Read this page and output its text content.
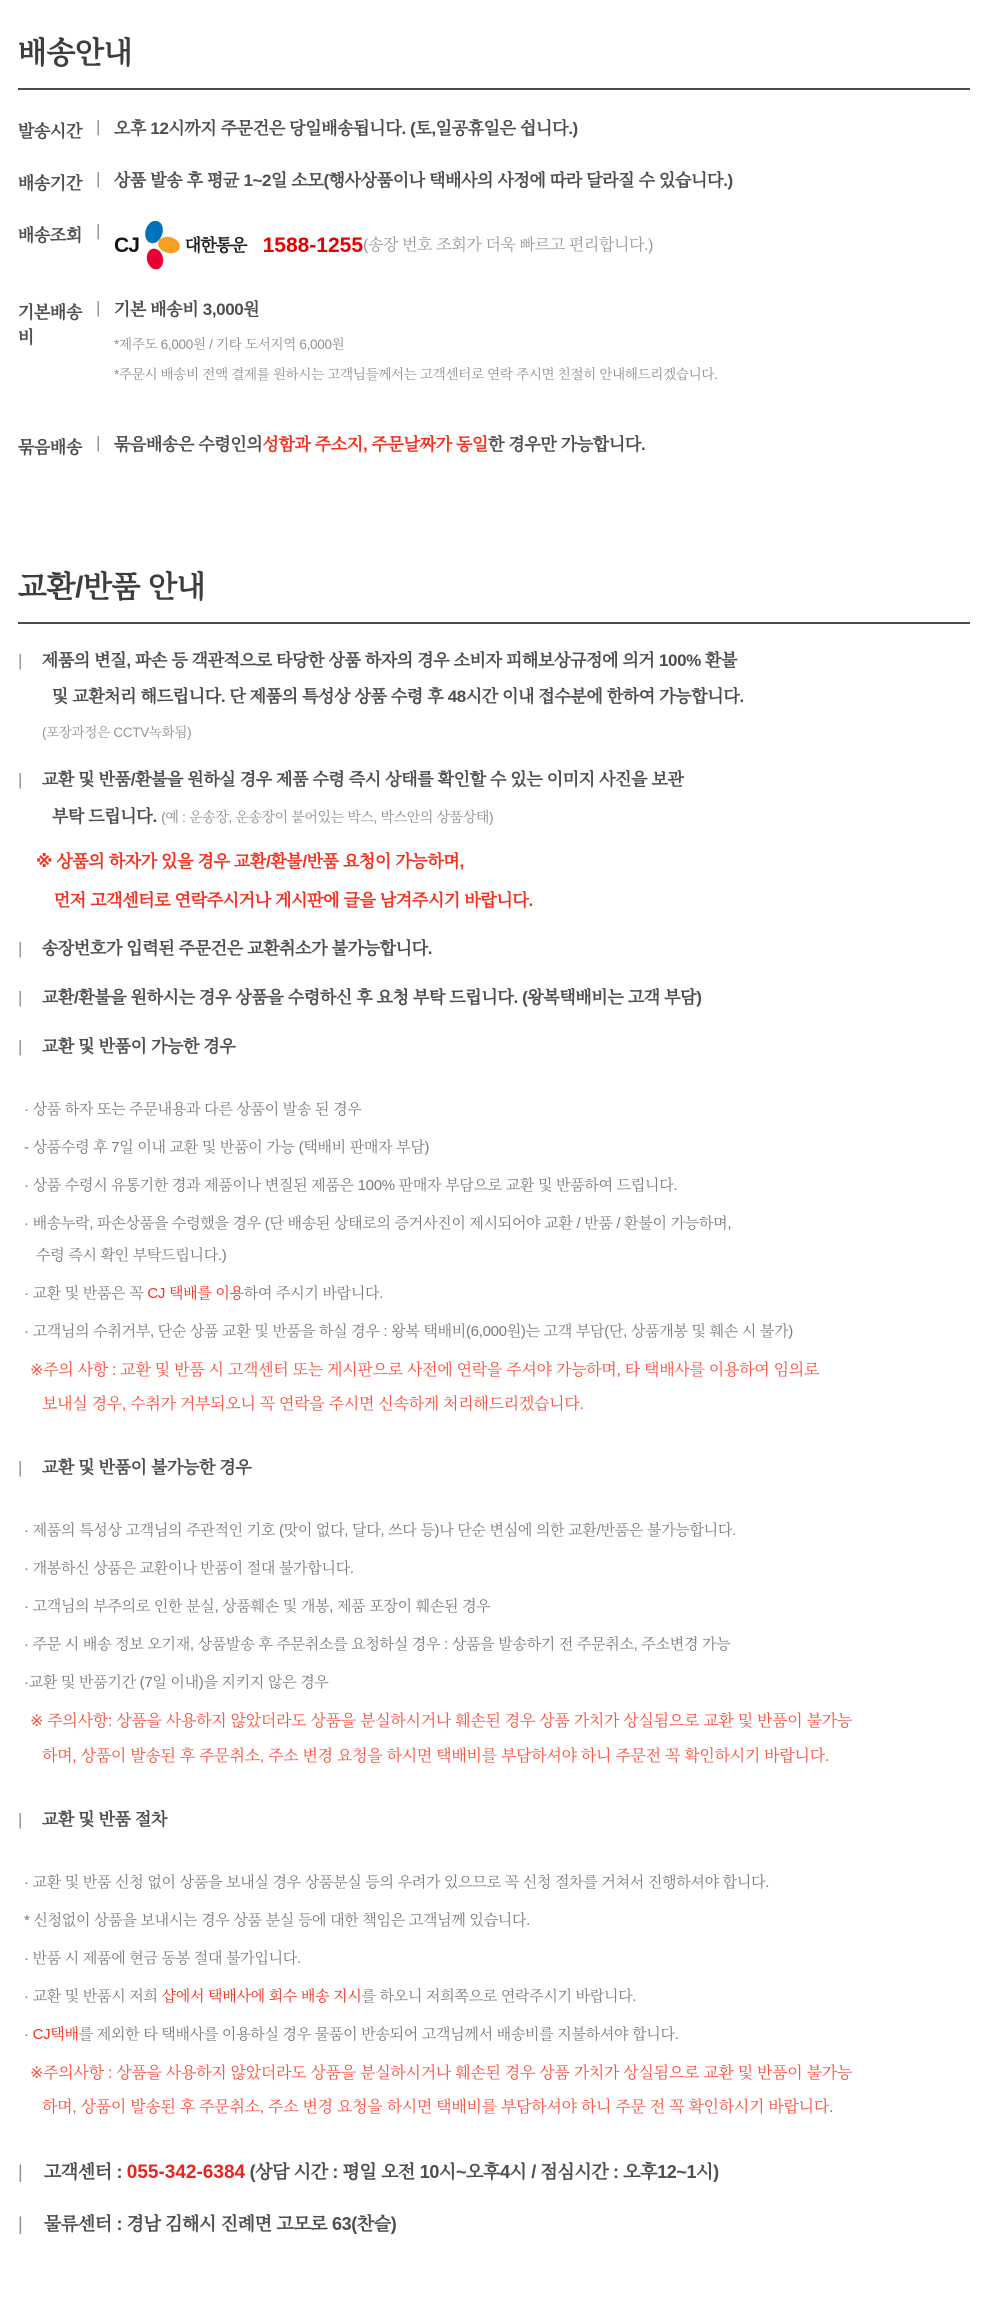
배송안내
발송시간 | 오후 12시까지 주문건은 당일배송됩니다. (토,일공휴일은 쉽니다.)
배송기간 | 상품 발송 후 평균 1~2일 소모(행사상품이나 택배사의 사정에 따라 달라질 수 있습니다.)
배송조회 |
CJ	대한통운 1588-1255 (송장 번호 조회가 더욱 빠르고 편리합니다.)
기본배송비
| 기본 배송비 3,000원
*제주도 6,000원 / 기타 도서지역 6,000원
*주문시 배송비 전액 결제를 원하시는 고객님들께서는 고객센터로 연락 주시면 친절히 안내해드리겠습니다.
묶음배송 | 묶음배송은 수령인의 성함과 주소지, 주문날짜가 동일 한 경우만 가능합니다.
교환/반품 안내
| 제품의 변질, 파손 등 객관적으로 타당한 상품 하자의 경우 소비자 피해보상규정에 의거 100% 환불
및 교환처리 해드립니다. 단 제품의 특성상 상품 수령 후 48시간 이내 접수분에 한하여 가능합니다.
(포장과정은 CCTV녹화됨)
| 교환 및 반품/환불을 원하실 경우 제품 수령 즉시 상태를 확인할 수 있는 이미지 사진을 보관
부탁 드립니다. (예 : 운송장, 운송장이 붙어있는 박스, 박스안의 상품상태)
※ 상품의 하자가 있을 경우 교환/환불/반품 요청이 가능하며,
먼저 고객센터로 연락주시거나 게시판에 글을 남겨주시기 바랍니다.
| 송장번호가 입력된 주문건은 교환취소가 불가능합니다.
| 교환/환불을 원하시는 경우 상품을 수령하신 후 요청 부탁 드립니다. (왕복택배비는 고객 부담)
| 교환 및 반품이 가능한 경우
· 상품 하자 또는 주문내용과 다른 상품이 발송 된 경우
- 상품수령 후 7일 이내 교환 및 반품이 가능 (택배비 판매자 부담)
· 상품 수령시 유통기한 경과 제품이나 변질된 제품은 100% 판매자 부담으로 교환 및 반품하여 드립니다.
· 배송누락, 파손상품을 수령했을 경우 (단 배송된 상태로의 증거사진이 제시되어야 교환 / 반품 / 환불이 가능하며,
수령 즉시 확인 부탁드립니다.)
· 교환 및 반품은 꼭 CJ 택배를 이용하여 주시기 바랍니다.
· 고객님의 수취거부, 단순 상품 교환 및 반품을 하실 경우 : 왕복 택배비(6,000원)는 고객 부담(단, 상품개봉 및 훼손 시 불가)
※주의 사항 : 교환 및 반품 시 고객센터 또는 게시판으로 사전에 연락을 주셔야 가능하며, 타 택배사를 이용하여 임의로
보내실 경우, 수취가 거부되오니 꼭 연락을 주시면 신속하게 처리해드리겠습니다.
| 교환 및 반품이 불가능한 경우
· 제품의 특성상 고객님의 주관적인 기호 (맛이 없다, 달다, 쓰다 등)나 단순 변심에 의한 교환/반품은 불가능합니다.
· 개봉하신 상품은 교환이나 반품이 절대 불가합니다.
· 고객님의 부주의로 인한 분실, 상품훼손 및 개봉, 제품 포장이 훼손된 경우
· 주문 시 배송 정보 오기재, 상품발송 후 주문취소를 요청하실 경우 : 상품을 발송하기 전 주문취소, 주소변경 가능
·교환 및 반품기간 (7일 이내)을 지키지 않은 경우
※ 주의사항: 상품을 사용하지 않았더라도 상품을 분실하시거나 훼손된 경우 상품 가치가 상실됨으로 교환 및 반품이 불가능
하며, 상품이 발송된 후 주문취소, 주소 변경 요청을 하시면 택배비를 부담하셔야 하니 주문전 꼭 확인하시기 바랍니다.
| 교환 및 반품 절차
· 교환 및 반품 신청 없이 상품을 보내실 경우 상품분실 등의 우려가 있으므로 꼭 신청 절차를 거쳐서 진행하셔야 합니다.
* 신청없이 상품을 보내시는 경우 상품 분실 등에 대한 책임은 고객님께 있습니다.
· 반품 시 제품에 현금 동봉 절대 불가입니다.
· 교환 및 반품시 저희 샵에서 택배사에 회수 배송 지시를 하오니 저희쪽으로 연락주시기 바랍니다.
· CJ택배를 제외한 타 택배사를 이용하실 경우 물품이 반송되어 고객님께서 배송비를 지불하셔야 합니다.
※주의사항 : 상품을 사용하지 않았더라도 상품을 분실하시거나 훼손된 경우 상품 가치가 상실됨으로 교환 및 반품이 불가능
하며, 상품이 발송된 후 주문취소, 주소 변경 요청을 하시면 택배비를 부담하셔야 하니 주문 전 꼭 확인하시기 바랍니다.
| 고객센터 : 055-342-6384 (상담 시간 : 평일 오전 10시~오후4시 / 점심시간 : 오후12~1시)
| 물류센터 : 경남 김해시 진례면 고모로 63(찬슬)
